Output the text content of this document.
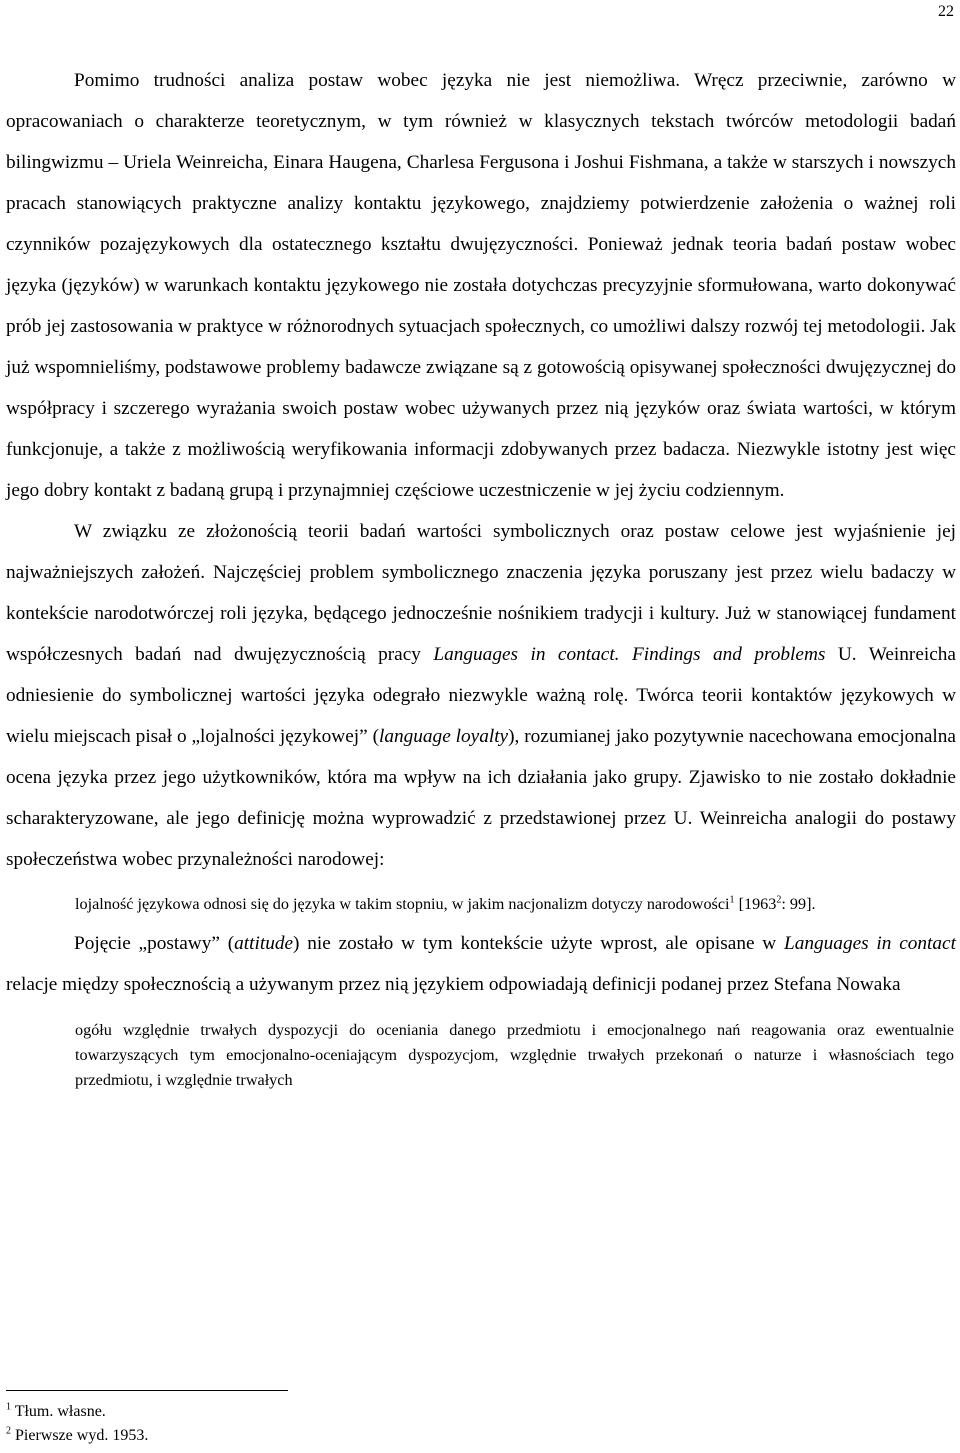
22

Pomimo trudności analiza postaw wobec języka nie jest niemożliwa. Wręcz przeciwnie, zarówno w opracowaniach o charakterze teoretycznym, w tym również w klasycznych tekstach twórców metodologii badań bilingwizmu – Uriela Weinreicha, Einara Haugena, Charlesa Fergusona i Joshui Fishmana, a także w starszych i nowszych pracach stanowiących praktyczne analizy kontaktu językowego, znajdziemy potwierdzenie założenia o ważnej roli czynników pozajęzykowych dla ostatecznego kształtu dwujęzyczności. Ponieważ jednak teoria badań postaw wobec języka (języków) w warunkach kontaktu językowego nie została dotychczas precyzyjnie sformułowana, warto dokonywać prób jej zastosowania w praktyce w różnorodnych sytuacjach społecznych, co umożliwi dalszy rozwój tej metodologii. Jak już wspomnieliśmy, podstawowe problemy badawcze związane są z gotowością opisywanej społeczności dwujęzycznej do współpracy i szczerego wyrażania swoich postaw wobec używanych przez nią języków oraz świata wartości, w którym funkcjonuje, a także z możliwością weryfikowania informacji zdobywanych przez badacza. Niezwykle istotny jest więc jego dobry kontakt z badaną grupą i przynajmniej częściowe uczestniczenie w jej życiu codziennym.

W związku ze złożonością teorii badań wartości symbolicznych oraz postaw celowe jest wyjaśnienie jej najważniejszych założeń. Najczęściej problem symbolicznego znaczenia języka poruszany jest przez wielu badaczy w kontekście narodotwórczej roli języka, będącego jednocześnie nośnikiem tradycji i kultury. Już w stanowiącej fundament współczesnych badań nad dwujęzycznością pracy Languages in contact. Findings and problems U. Weinreicha odniesienie do symbolicznej wartości języka odegrało niezwykle ważną rolę. Twórca teorii kontaktów językowych w wielu miejscach pisał o „lojalności językowej” (language loyalty), rozumianej jako pozytywnie nacechowana emocjonalna ocena języka przez jego użytkowników, która ma wpływ na ich działania jako grupy. Zjawisko to nie zostało dokładnie scharakteryzowane, ale jego definicję można wyprowadzić z przedstawionej przez U. Weinreicha analogii do postawy społeczeństwa wobec przynależności narodowej:

lojalność językowa odnosi się do języka w takim stopniu, w jakim nacjonalizm dotyczy narodowości$^1$ [1963$^2$: 99].

Pojęcie „postawy” (attitude) nie zostało w tym kontekście użyte wprost, ale opisane w Languages in contact relacje między społecznością a używanym przez nią językiem odpowiadają definicji podanej przez Stefana Nowaka

ogółu względnie trwałych dyspozycji do oceniania danego przedmiotu i emocjonalnego nań reagowania oraz ewentualnie towarzyszących tym emocjonalno-oceniającym dyspozycjom, względnie trwałych przekonań o naturze i własnościach tego przedmiotu, i względnie trwałych

$^1$ Tłum. własne.

$^2$ Pierwsze wyd. 1953.
